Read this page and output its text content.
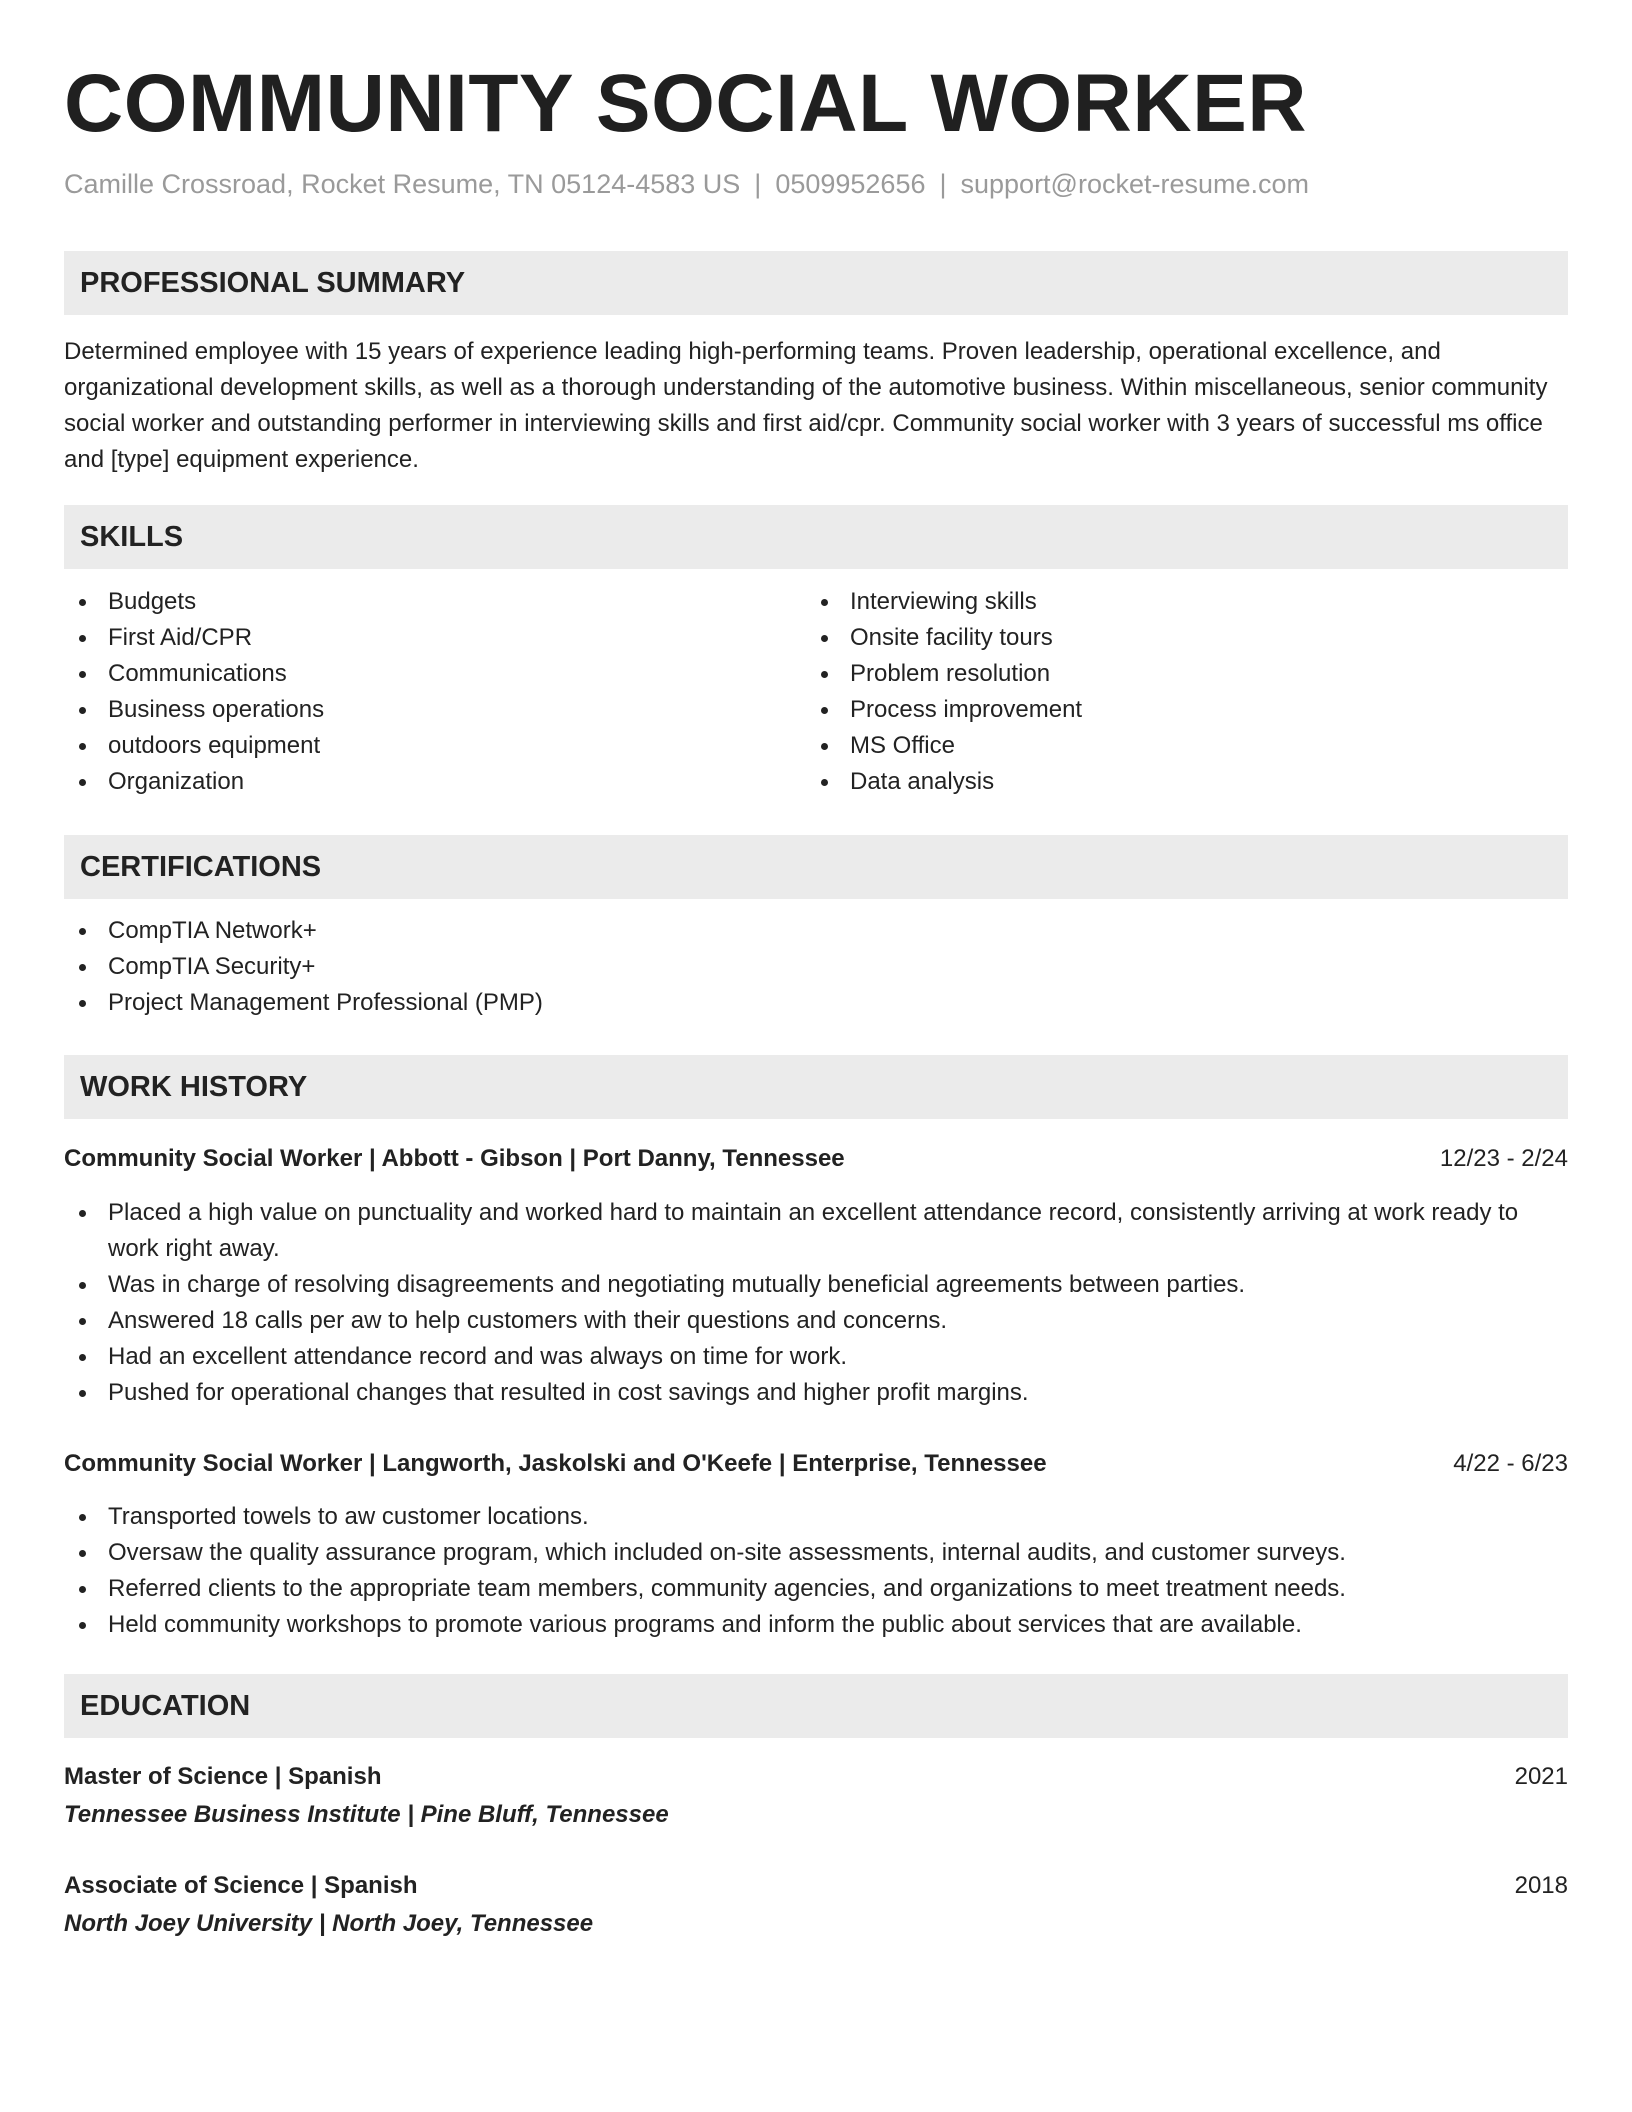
COMMUNITY SOCIAL WORKER
Camille Crossroad, Rocket Resume, TN 05124-4583 US | 0509952656 | support@rocket-resume.com
PROFESSIONAL SUMMARY
Determined employee with 15 years of experience leading high-performing teams. Proven leadership, operational excellence, and organizational development skills, as well as a thorough understanding of the automotive business. Within miscellaneous, senior community social worker and outstanding performer in interviewing skills and first aid/cpr. Community social worker with 3 years of successful ms office and [type] equipment experience.
SKILLS
Budgets
First Aid/CPR
Communications
Business operations
outdoors equipment
Organization
Interviewing skills
Onsite facility tours
Problem resolution
Process improvement
MS Office
Data analysis
CERTIFICATIONS
CompTIA Network+
CompTIA Security+
Project Management Professional (PMP)
WORK HISTORY
Community Social Worker | Abbott - Gibson | Port Danny, Tennessee	12/23 - 2/24
Placed a high value on punctuality and worked hard to maintain an excellent attendance record, consistently arriving at work ready to work right away.
Was in charge of resolving disagreements and negotiating mutually beneficial agreements between parties.
Answered 18 calls per aw to help customers with their questions and concerns.
Had an excellent attendance record and was always on time for work.
Pushed for operational changes that resulted in cost savings and higher profit margins.
Community Social Worker | Langworth, Jaskolski and O'Keefe | Enterprise, Tennessee	4/22 - 6/23
Transported towels to aw customer locations.
Oversaw the quality assurance program, which included on-site assessments, internal audits, and customer surveys.
Referred clients to the appropriate team members, community agencies, and organizations to meet treatment needs.
Held community workshops to promote various programs and inform the public about services that are available.
EDUCATION
Master of Science | Spanish	2021
Tennessee Business Institute | Pine Bluff, Tennessee
Associate of Science | Spanish	2018
North Joey University | North Joey, Tennessee
